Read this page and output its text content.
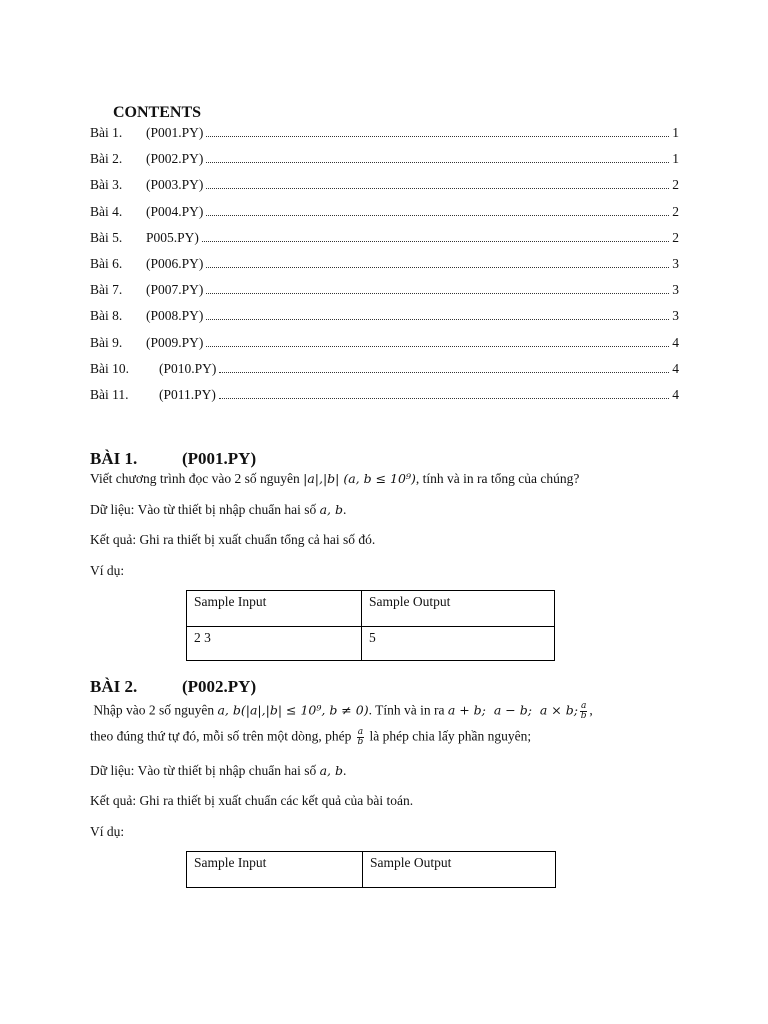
CONTENTS
Bài 1.	(P001.PY)	1
Bài 2.	(P002.PY)	1
Bài 3.	(P003.PY)	2
Bài 4.	(P004.PY)	2
Bài 5.	P005.PY)	2
Bài 6.	(P006.PY)	3
Bài 7.	(P007.PY)	3
Bài 8.	(P008.PY)	3
Bài 9.	(P009.PY)	4
Bài 10.	(P010.PY)	4
Bài 11.	(P011.PY)	4
BÀI 1.	(P001.PY)
Viết chương trình đọc vào 2 số nguyên |a|,|b| (a, b ≤ 10⁹), tính và in ra tổng của chúng?
Dữ liệu: Vào từ thiết bị nhập chuẩn hai số a, b.
Kết quả: Ghi ra thiết bị xuất chuẩn tổng cả hai số đó.
Ví dụ:
Sample Input	Sample Output
2 3	5
BÀI 2.	(P002.PY)
Nhập vào 2 số nguyên a, b(|a|,|b| ≤ 10⁹, b ≠ 0). Tính và in ra a + b;  a − b;  a × b; $\frac{a}{b}$ ,
theo đúng thứ tự đó, mỗi số trên một dòng, phép $\frac{a}{b}$ là phép chia lấy phần nguyên;
Dữ liệu: Vào từ thiết bị nhập chuẩn hai số a, b.
Kết quả: Ghi ra thiết bị xuất chuẩn các kết quả của bài toán.
Ví dụ:
Sample Input	Sample Output
